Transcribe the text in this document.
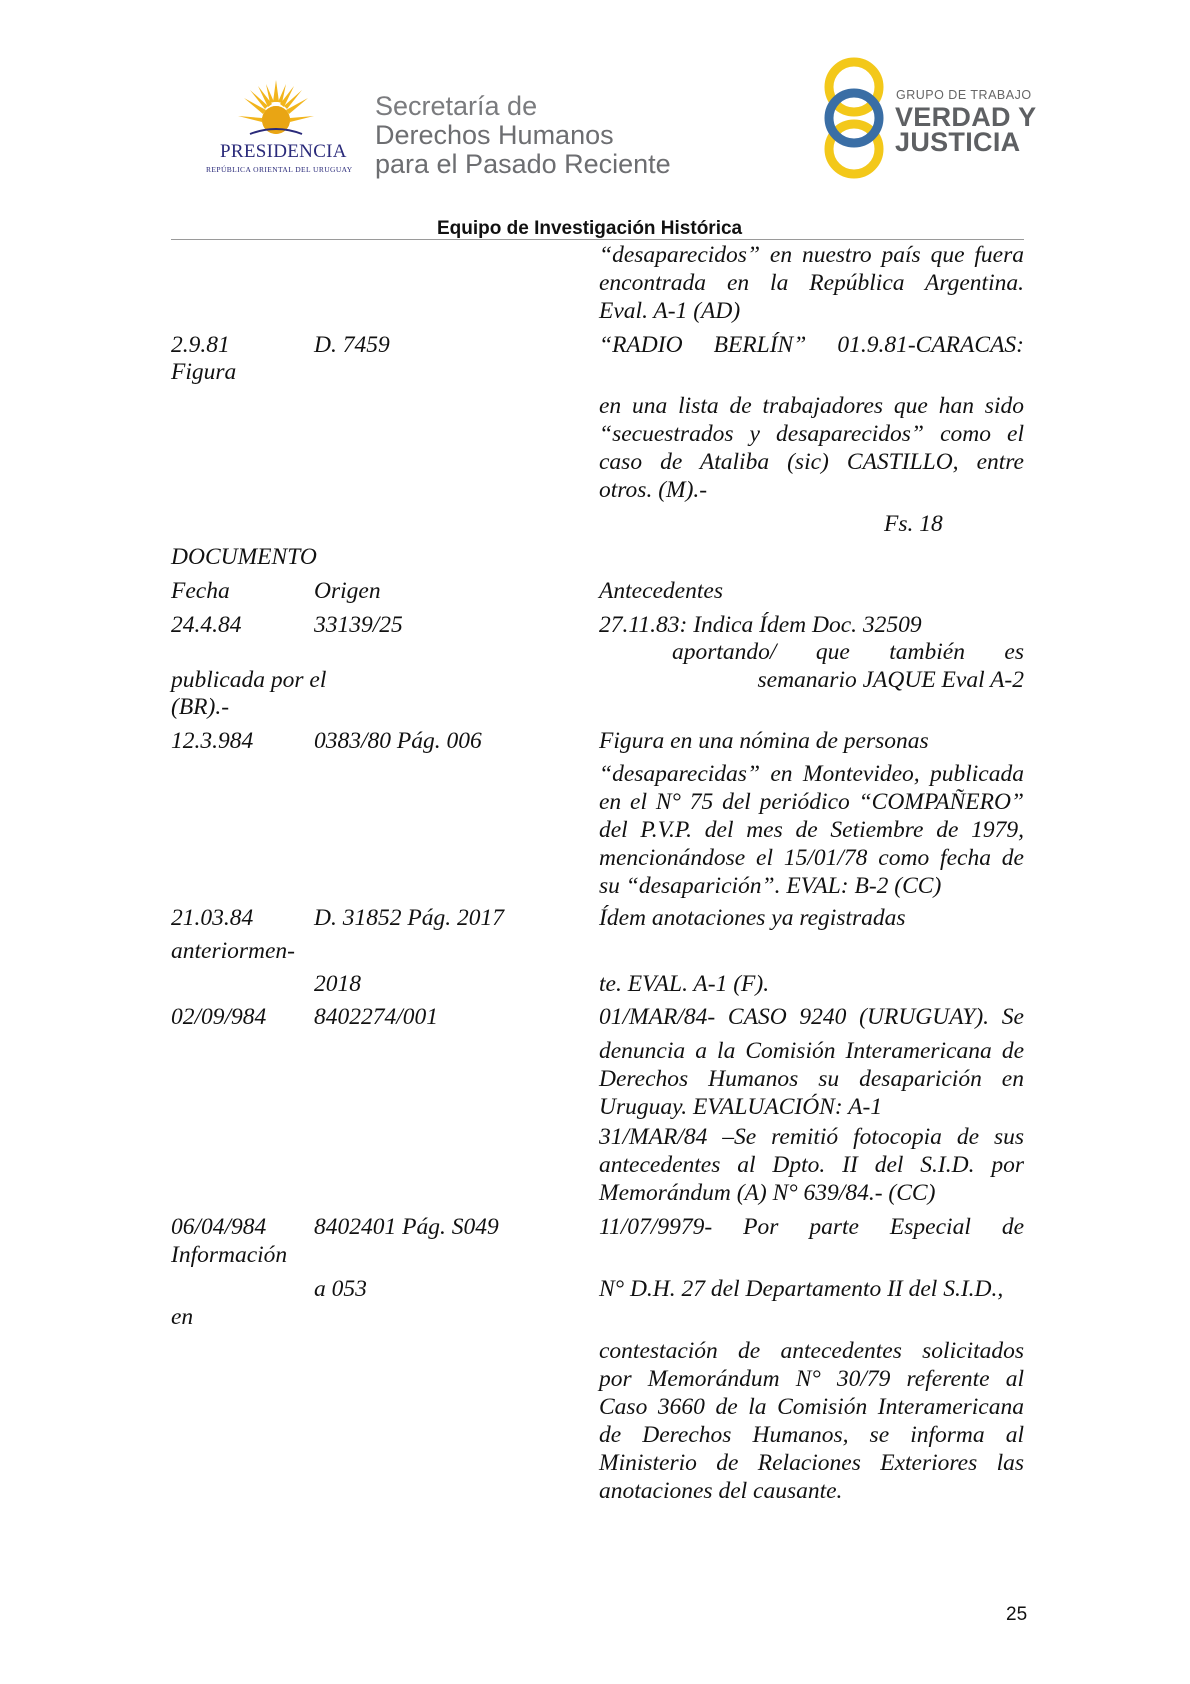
PRESIDENCIA
REPÚBLICA ORIENTAL DEL URUGUAY
Secretaría de
Derechos Humanos
para el Pasado Reciente
GRUPO DE TRABAJO
VERDAD Y
JUSTICIA
Equipo de Investigación Histórica
“desaparecidos” en nuestro país que fuera
encontrada en la República Argentina.
Eval. A-1 (AD)
2.9.81	D. 7459	“RADIO BERLÍN” 01.9.81-CARACAS:
Figura
en una lista de trabajadores que han sido
“secuestrados y desaparecidos” como el
caso de Ataliba (sic) CASTILLO, entre
otros. (M).-
Fs. 18
DOCUMENTO
Fecha	Origen	Antecedentes
24.4.84	33139/25	27.11.83: Indica Ídem Doc. 32509
aportando/ que también es
publicada por el	semanario JAQUE Eval A-2
(BR).-
12.3.984	0383/80 Pág. 006	Figura en una nómina de personas
“desaparecidas” en Montevideo, publicada
en el N° 75 del periódico “COMPAÑERO”
del P.V.P. del mes de Setiembre de 1979,
mencionándose el 15/01/78 como fecha de
su “desaparición”. EVAL: B-2 (CC)
21.03.84	D. 31852 Pág. 2017	Ídem anotaciones ya registradas
anteriormen-
2018	te. EVAL. A-1 (F).
02/09/984 8402274/001	01/MAR/84- CASO 9240 (URUGUAY). Se
denuncia a la Comisión Interamericana de
Derechos Humanos su desaparición en
Uruguay. EVALUACIÓN: A-1
31/MAR/84 –Se remitió fotocopia de sus
antecedentes al Dpto. II del S.I.D. por
Memorándum (A) N° 639/84.- (CC)
06/04/984 8402401 Pág. S049	11/07/9979- Por parte Especial de
Información
a 053	N° D.H. 27 del Departamento II del S.I.D.,
en
contestación de antecedentes solicitados
por Memorándum N° 30/79 referente al
Caso 3660 de la Comisión Interamericana
de Derechos Humanos, se informa al
Ministerio de Relaciones Exteriores las
anotaciones del causante.
25
